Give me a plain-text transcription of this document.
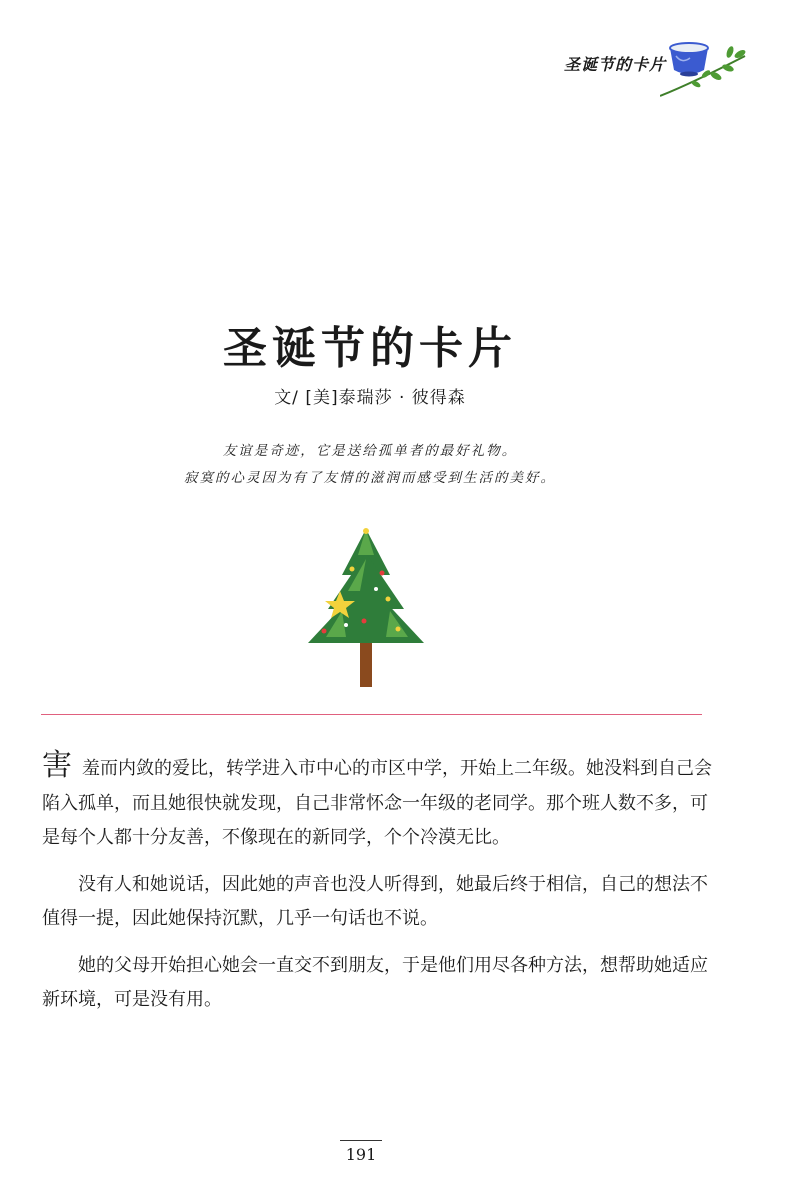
圣诞节的卡片
圣诞节的卡片
文/ [美]泰瑞莎 · 彼得森
友谊是奇迹，它是送给孤单者的最好礼物。
寂寞的心灵因为有了友情的滋润而感受到生活的美好。

害羞而内敛的爱比，转学进入市中心的市区中学，开始上二年级。她没料到自己会陷入孤单，而且她很快就发现，自己非常怀念一年级的老同学。那个班人数不多，可是每个人都十分友善，不像现在的新同学，个个冷漠无比。

没有人和她说话，因此她的声音也没人听得到，她最后终于相信，自己的想法不值得一提，因此她保持沉默，几乎一句话也不说。

她的父母开始担心她会一直交不到朋友，于是他们用尽各种方法，想帮助她适应新环境，可是没有用。

191
